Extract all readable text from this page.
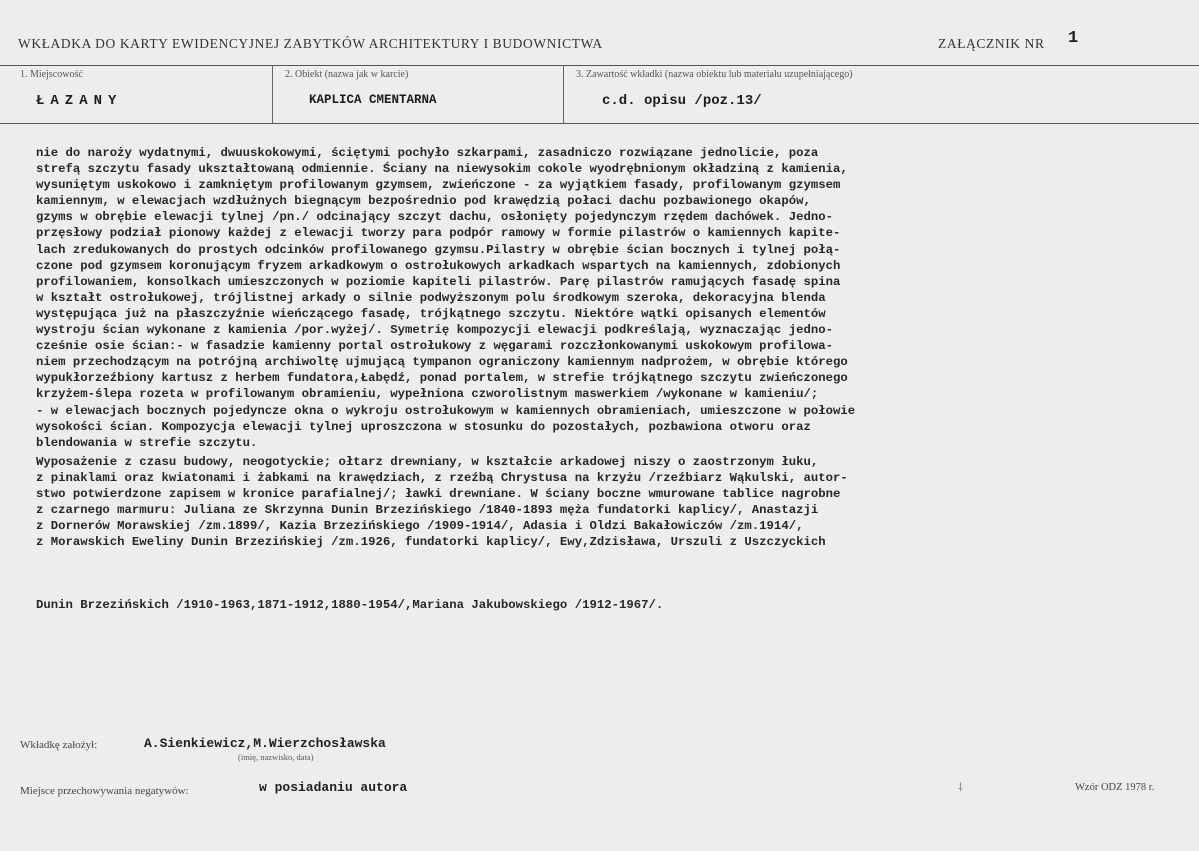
WKŁADKA DO KARTY EWIDENCYJNEJ ZABYTKÓW ARCHITEKTURY I BUDOWNICTWA	ZAŁĄCZNIK NR 1
1. Miejscowość
ŁAZANY
2. Obiekt (nazwa jak w karcie)
KAPLICA CMENTARNA
3. Zawartość wkładki (nazwa obiektu lub materiału uzupełniającego)
c.d. opisu /poz.13/
nie do naroży wydatnymi, dwuuskokowymi, ściętymi pochyło szkarpami, zasadniczo rozwiązane jednolicie, poza
strefą szczytu fasady ukształtowaną odmiennie. Ściany na niewysokim cokole wyodrębnionym okładziną z kamienia,
wysuniętym uskokowo i zamkniętym profilowanym gzymsem, zwieńczone - za wyjątkiem fasady, profilowanym gzymsem
kamiennym, w elewacjach wzdłużnych biegnącym bezpośrednio pod krawędzią połaci dachu pozbawionego okapów,
gzyms w obrębie elewacji tylnej /pn./ odcinający szczyt dachu, osłonięty pojedynczym rzędem dachówek. Jedno-
przęsłowy podział pionowy każdej z elewacji tworzy para podpór ramowy w formie pilastrów o kamiennych kapite-
lach zredukowanych do prostych odcinków profilowanego gzymsu.Pilastry w obrębie ścian bocznych i tylnej połą-
czone pod gzymsem koronującym fryzem arkadkowym o ostrołukowych arkadkach wspartych na kamiennych, zdobionych
profilowaniem, konsolkach umieszczonych w poziomie kapiteli pilastrów. Parę pilastrów ramujących fasadę spina
w kształt ostrołukowej, trójlistnej arkady o silnie podwyższonym polu środkowym szeroka, dekoracyjna blenda
występująca już na płaszczyźnie wieńczącego fasadę, trójkątnego szczytu. Niektóre wątki opisanych elementów
wystroju ścian wykonane z kamienia /por.wyżej/. Symetrię kompozycji elewacji podkreślają, wyznaczając jedno-
cześnie osie ścian:- w fasadzie kamienny portal ostrołukowy z węgarami rozczłonkowanymi uskokowym profilowa-
niem przechodzącym na potrójną archiwoltę ujmującą tympanon ograniczony kamiennym nadprożem, w obrębie którego
wypukłorzeźbiony kartusz z herbem fundatora,Łabędź, ponad portalem, w strefie trójkątnego szczytu zwieńczonego
krzyżem-ślepa rozeta w profilowanym obramieniu, wypełniona czworolistnym maswerkiem /wykonane w kamieniu/;
- w elewacjach bocznych pojedyncze okna o wykroju ostrołukowym w kamiennych obramieniach, umieszczone w połowie
wysokości ścian. Kompozycja elewacji tylnej uproszczona w stosunku do pozostałych, pozbawiona otworu oraz
blendowania w strefie szczytu.
Wyposażenie z czasu budowy, neogotyckie; ołtarz drewniany, w kształcie arkadowej niszy o zaostrzonym łuku,
z pinaklami oraz kwiatonami i żabkami na krawędziach, z rzeźbą Chrystusa na krzyżu /rzeźbiarz Wąkulski, autor-
stwo potwierdzone zapisem w kronice parafialnej/; ławki drewniane. W ściany boczne wmurowane tablice nagrobne
z czarnego marmuru: Juliana ze Skrzynna Dunin Brzezińskiego /1840-1893 męża fundatorki kaplicy/, Anastazji
z Dornerów Morawskiej /zm.1899/, Kazia Brzezińskiego /1909-1914/, Adasia i Oldzi Bakałowiczów /zm.1914/,
z Morawskich Eweliny Dunin Brzezińskiej /zm.1926, fundatorki kaplicy/, Ewy,Zdzisława, Urszuli z Uszczyckich
Dunin Brzezińskich /1910-1963,1871-1912,1880-1954/,Mariana Jakubowskiego /1912-1967/.
Wkładkę założył:	A.Sienkiewicz,M.Wierzchosławska
(imię, nazwisko, data)
Miejsce przechowywania negatywów:	w posiadaniu autora	⸸	Wzór ODZ 1978 r.
